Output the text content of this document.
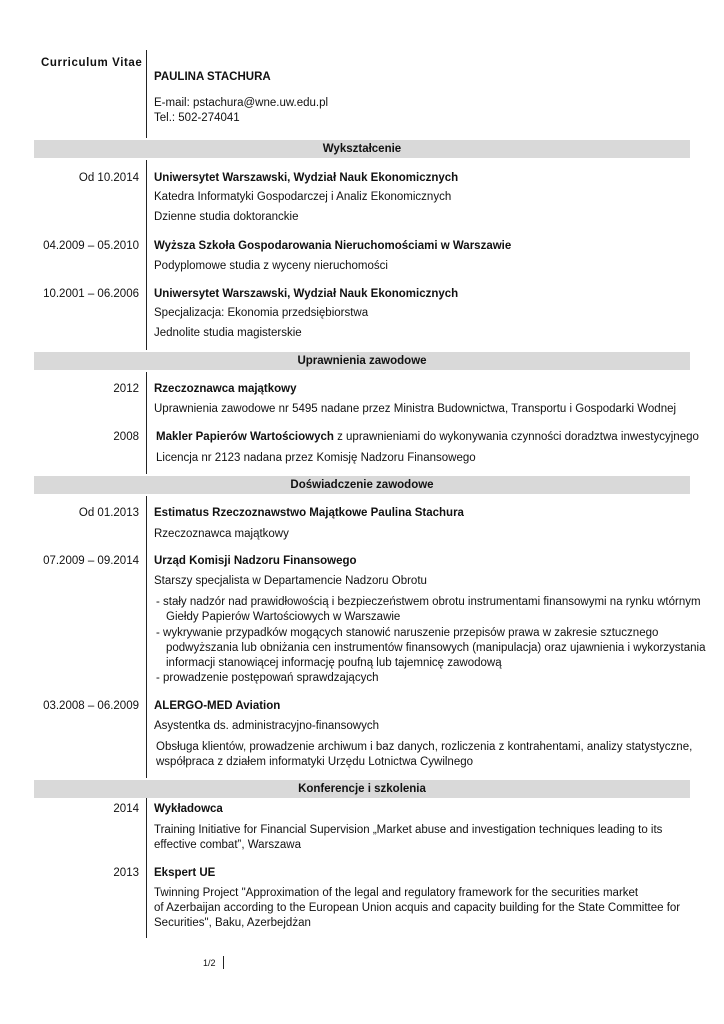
Curriculum Vitae
PAULINA STACHURA
E-mail: pstachura@wne.uw.edu.pl
Tel.: 502-274041
Wykształcenie
Od 10.2014 Uniwersytet Warszawski, Wydział Nauk Ekonomicznych
Katedra Informatyki Gospodarczej i Analiz Ekonomicznych
Dzienne studia doktoranckie
04.2009 – 05.2010 Wyższa Szkoła Gospodarowania Nieruchomościami w Warszawie
Podyplomowe studia z wyceny nieruchomości
10.2001 – 06.2006 Uniwersytet Warszawski, Wydział Nauk Ekonomicznych
Specjalizacja: Ekonomia przedsiębiorstwa
Jednolite studia magisterskie
Uprawnienia zawodowe
2012 Rzeczoznawca majątkowy
Uprawnienia zawodowe nr 5495 nadane przez Ministra Budownictwa, Transportu i Gospodarki Wodnej
2008 Makler Papierów Wartościowych z uprawnieniami do wykonywania czynności doradztwa inwestycyjnego
Licencja nr 2123 nadana przez Komisję Nadzoru Finansowego
Doświadczenie zawodowe
Od 01.2013 Estimatus Rzeczoznawstwo Majątkowe Paulina Stachura
Rzeczoznawca majątkowy
07.2009 – 09.2014 Urząd Komisji Nadzoru Finansowego
Starszy specjalista w Departamencie Nadzoru Obrotu
- stały nadzór nad prawidłowością i bezpieczeństwem obrotu instrumentami finansowymi na rynku wtórnym
Giełdy Papierów Wartościowych w Warszawie
- wykrywanie przypadków mogących stanowić naruszenie przepisów prawa w zakresie sztucznego
podwyższania lub obniżania cen instrumentów finansowych (manipulacja) oraz ujawnienia i wykorzystania
informacji stanowiącej informację poufną lub tajemnicę zawodową
- prowadzenie postępowań sprawdzających
03.2008 – 06.2009 ALERGO-MED Aviation
Asystentka ds. administracyjno-finansowych
Obsługa klientów, prowadzenie archiwum i baz danych, rozliczenia z kontrahentami, analizy statystyczne,
współpraca z działem informatyki Urzędu Lotnictwa Cywilnego
Konferencje i szkolenia
2014 Wykładowca
Training Initiative for Financial Supervision „Market abuse and investigation techniques leading to its
effective combat”, Warszawa
2013 Ekspert UE
Twinning Project "Approximation of the legal and regulatory framework for the securities market
of Azerbaijan according to the European Union acquis and capacity building for the State Committee for
Securities", Baku, Azerbejdżan
1/2
